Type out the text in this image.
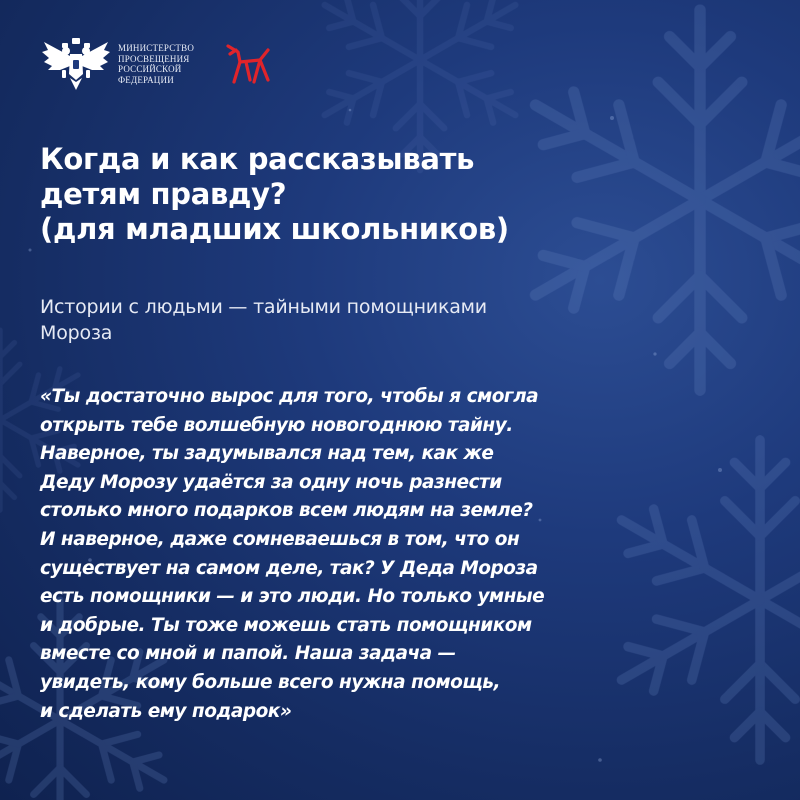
МИНИСТЕРСТВО
ПРОСВЕЩЕНИЯ
РОССИЙСКОЙ
ФЕДЕРАЦИИ
Когда и как рассказывать
детям правду?
(для младших школьников)

Истории с людьми — тайными помощниками
Мороза

«Ты достаточно вырос для того, чтобы я смогла
открыть тебе волшебную новогоднюю тайну.
Наверное, ты задумывался над тем, как же
Деду Морозу удаётся за одну ночь разнести
столько много подарков всем людям на земле?
И наверное, даже сомневаешься в том, что он
существует на самом деле, так? У Деда Мороза
есть помощники — и это люди. Но только умные
и добрые. Ты тоже можешь стать помощником
вместе со мной и папой. Наша задача —
увидеть, кому больше всего нужна помощь,
и сделать ему подарок»
